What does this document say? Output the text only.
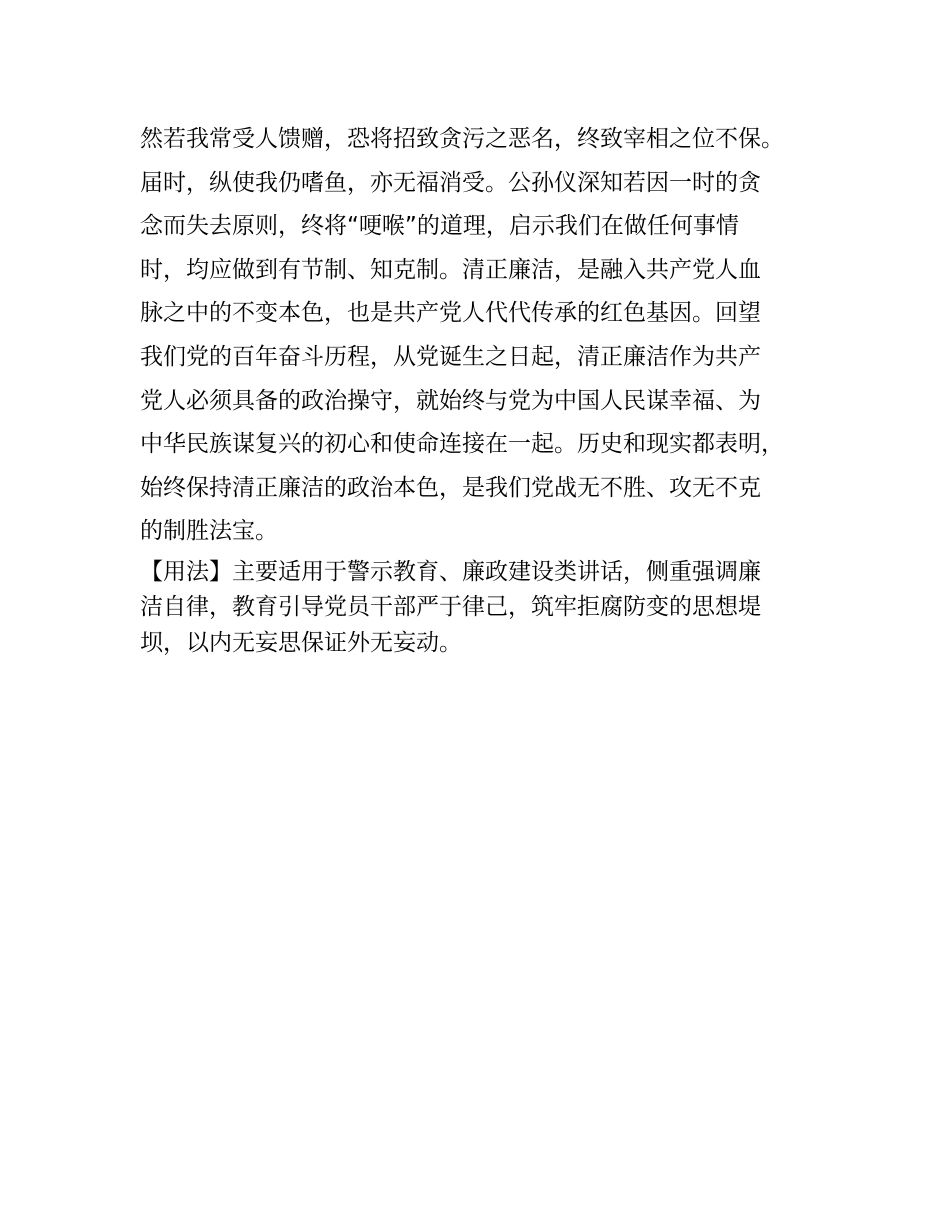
然若我常受人馈赠，恐将招致贪污之恶名，终致宰相之位不保。
届时，纵使我仍嗜鱼，亦无福消受。公孙仪深知若因一时的贪
念而失去原则，终将“哽喉”的道理，启示我们在做任何事情
时，均应做到有节制、知克制。清正廉洁，是融入共产党人血
脉之中的不变本色，也是共产党人代代传承的红色基因。回望
我们党的百年奋斗历程，从党诞生之日起，清正廉洁作为共产
党人必须具备的政治操守，就始终与党为中国人民谋幸福、为
中华民族谋复兴的初心和使命连接在一起。历史和现实都表明，
始终保持清正廉洁的政治本色，是我们党战无不胜、攻无不克
的制胜法宝。
【用法】主要适用于警示教育、廉政建设类讲话，侧重强调廉
洁自律，教育引导党员干部严于律己，筑牢拒腐防变的思想堤
坝，以内无妄思保证外无妄动。
